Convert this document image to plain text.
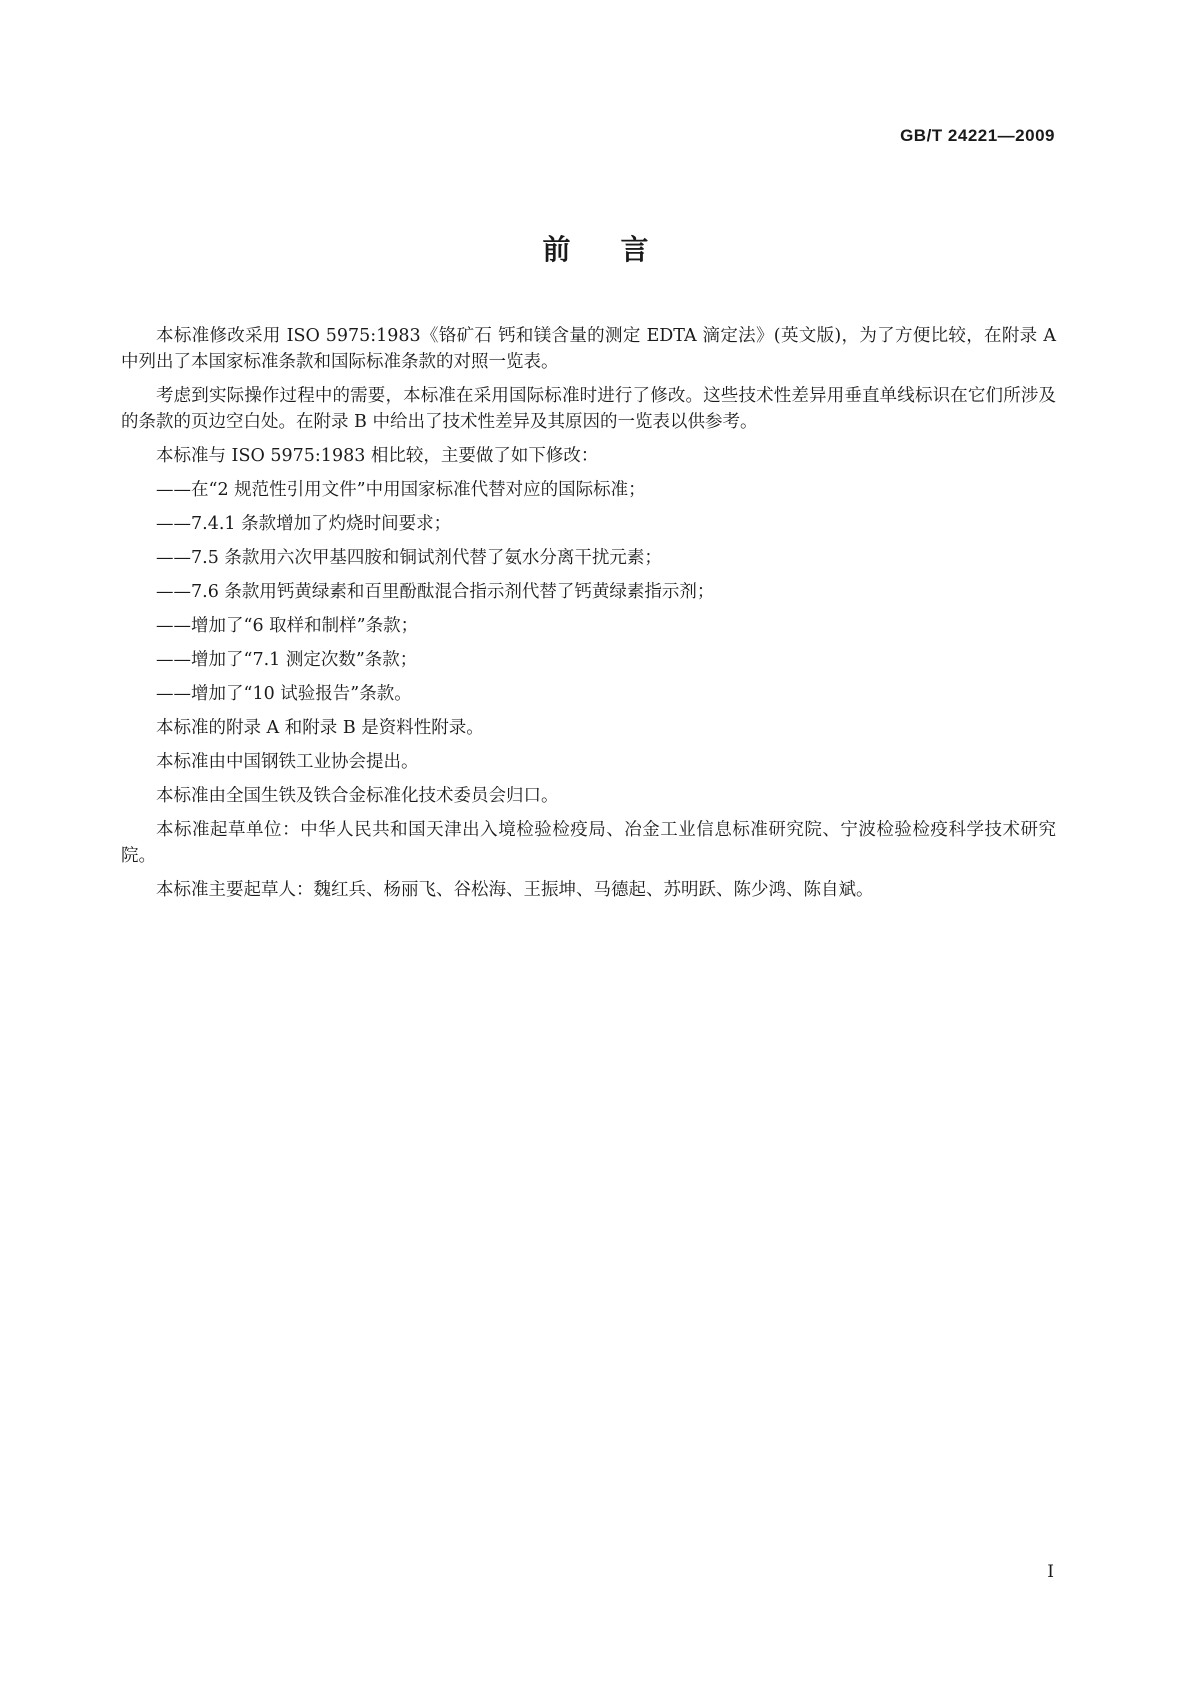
GB/T 24221—2009

前言

本标准修改采用 ISO 5975:1983《铬矿石 钙和镁含量的测定 EDTA 滴定法》(英文版)，为了方便比较，在附录 A 中列出了本国家标准条款和国际标准条款的对照一览表。

考虑到实际操作过程中的需要，本标准在采用国际标准时进行了修改。这些技术性差异用垂直单线标识在它们所涉及的条款的页边空白处。在附录 B 中给出了技术性差异及其原因的一览表以供参考。

本标准与 ISO 5975:1983 相比较，主要做了如下修改：

——在“2 规范性引用文件”中用国家标准代替对应的国际标准；

——7.4.1 条款增加了灼烧时间要求；

——7.5 条款用六次甲基四胺和铜试剂代替了氨水分离干扰元素；

——7.6 条款用钙黄绿素和百里酚酞混合指示剂代替了钙黄绿素指示剂；

——增加了“6 取样和制样”条款；

——增加了“7.1 测定次数”条款；

——增加了“10 试验报告”条款。

本标准的附录 A 和附录 B 是资料性附录。

本标准由中国钢铁工业协会提出。

本标准由全国生铁及铁合金标准化技术委员会归口。

本标准起草单位：中华人民共和国天津出入境检验检疫局、冶金工业信息标准研究院、宁波检验检疫科学技术研究院。

本标准主要起草人：魏红兵、杨丽飞、谷松海、王振坤、马德起、苏明跃、陈少鸿、陈自斌。

I
